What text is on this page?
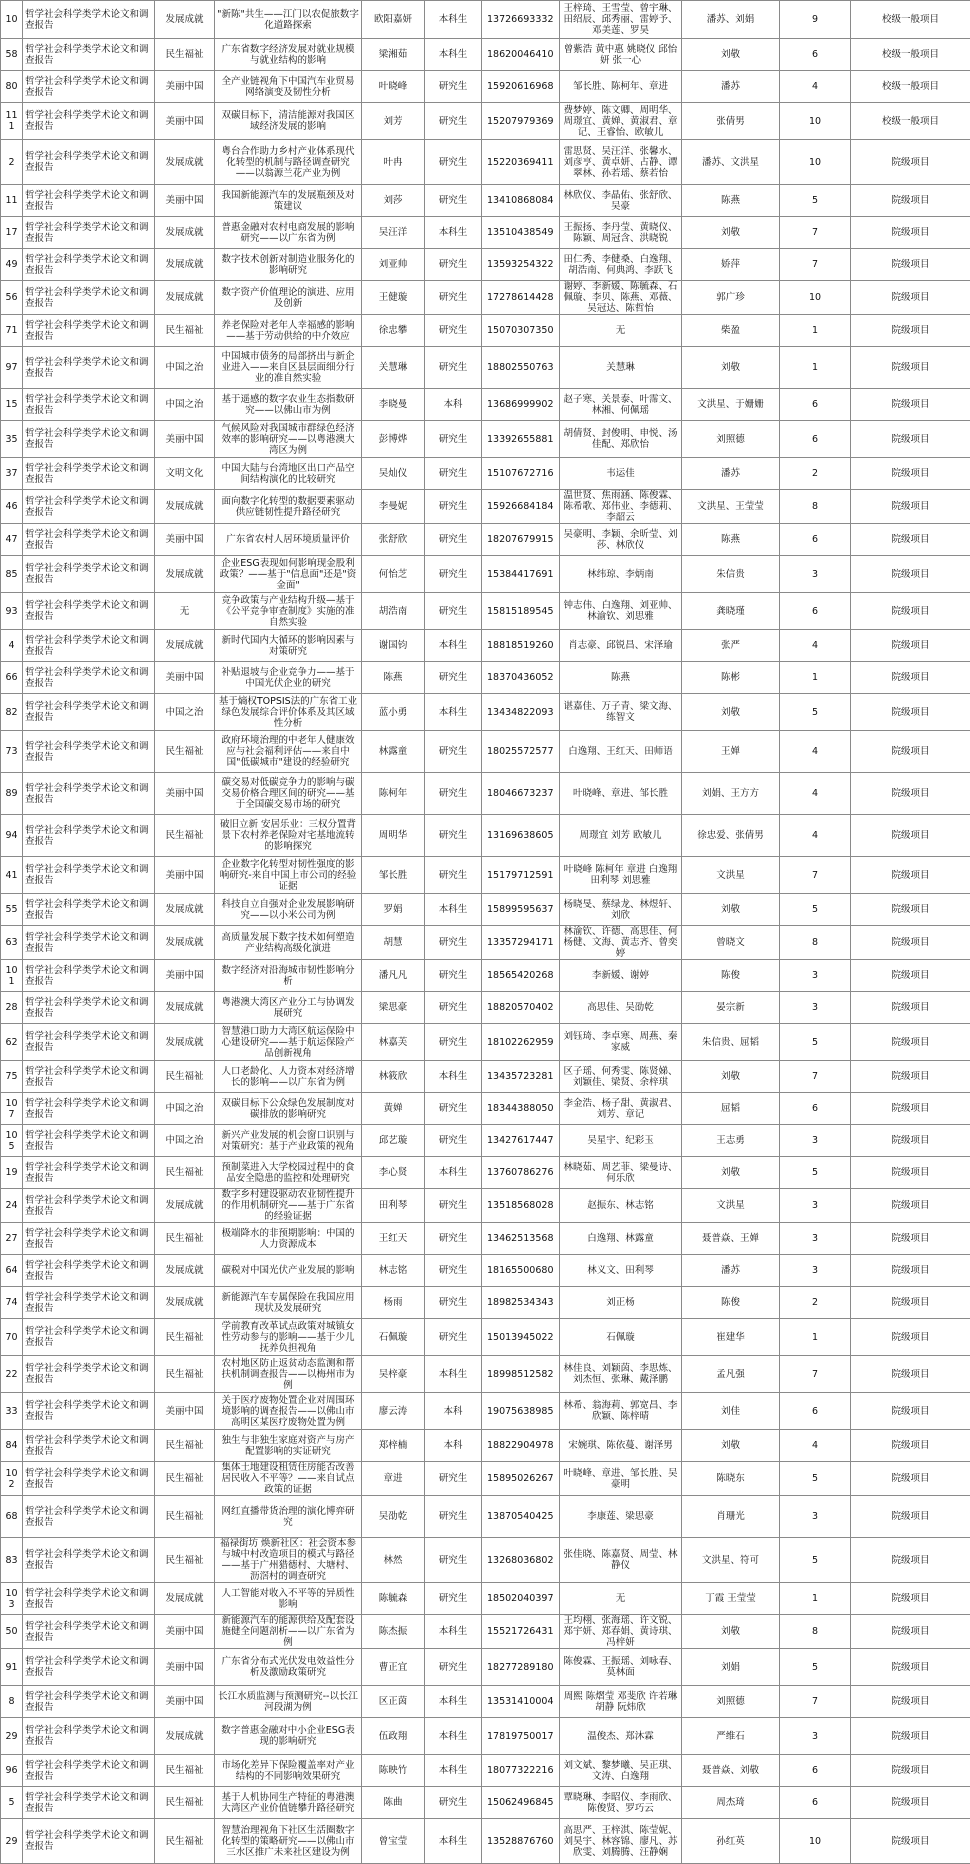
10	哲学社会科学类学术论文和调查报告	发展成就	"新陈"共生——江门以农促旅数字化道路探索	欧阳嘉妍	本科生	13726693332	王梓琦、王雪莹、曾宇琳、田绍辰、邱秀丽、雷婷予、邓美莲、罗昊	潘苏、刘娟	9	校级一般项目
58	哲学社会科学类学术论文和调查报告	民生福祉	广东省数字经济发展对就业规模与就业结构的影响	梁湘茹	本科生	18620046410	曾紫浩 黄中惠 姚晓仪 邱怡妍 张一心	刘敬	6	校级一般项目
80	哲学社会科学类学术论文和调查报告	美丽中国	全产业链视角下中国汽车业贸易网络演变及韧性分析	叶晓峰	研究生	15920616968	邹长胜、陈柯年、章进	潘苏	4	校级一般项目
111	哲学社会科学类学术论文和调查报告	美丽中国	双碳目标下，清洁能源对我国区域经济发展的影响	刘芳	研究生	15207979369	费梦婷、陈文卿、周明华、周璟宜、黄婵、黄淑君、章记、王睿怡、欧敏儿	张倩男	10	校级一般项目
2	哲学社会科学类学术论文和调查报告	发展成就	粤台合作助力乡村产业体系现代化转型的机制与路径调查研究——以翁源兰花产业为例	叶冉	研究生	15220369411	雷思贤、吴汪洋、张馨水、刘彦亨、黄卓妍、占静、谭翠林、孙若瑶、蔡若怡	潘苏、文洪星	10	院级项目
11	哲学社会科学类学术论文和调查报告	美丽中国	我国新能源汽车的发展瓶颈及对策建议	刘莎	研究生	13410868084	林欣仪、李晶佑、张舒欣、吴豪	陈燕	5	院级项目
17	哲学社会科学类学术论文和调查报告	发展成就	普惠金融对农村电商发展的影响研究——以广东省为例	吴汪洋	本科生	13510438549	王振扬、李丹莹、黄晓仪、陈颖、周冠含、洪晓锐	刘敬	7	院级项目
49	哲学社会科学类学术论文和调查报告	发展成就	数字技术创新对制造业服务化的影响研究	刘亚帅	研究生	13593254322	田仁秀、李健桑、白逸翔、胡浩南、何典鸿、李跃飞	娇萍	7	院级项目
56	哲学社会科学类学术论文和调查报告	发展成就	数字资产价值理论的演进、应用及创新	王健璇	研究生	17278614428	谢婷、李新媛、陈毓森、石佩璇、李贝、陈燕、邓薇、吴冠达、陈哲怡	郭广珍	10	院级项目
71	哲学社会科学类学术论文和调查报告	民生福祉	养老保险对老年人幸福感的影响——基于劳动供给的中介效应	徐忠攀	研究生	15070307350	无	柴盈	1	院级项目
97	哲学社会科学类学术论文和调查报告	中国之治	中国城市债务的局部挤出与新企业进入——来自区县层面细分行业的准自然实验	关慧琳	研究生	18802550763	关慧琳	刘敬	1	院级项目
15	哲学社会科学类学术论文和调查报告	中国之治	基于遥感的数字农业生态指数研究——以佛山市为例	李晓曼	本科	13686999902	赵子寒、关景泰、叶霈文、林湘、何佩瑶	文洪星、于姗姗	6	院级项目
35	哲学社会科学类学术论文和调查报告	美丽中国	气候风险对我国城市群绿色经济效率的影响研究——以粤港澳大湾区为例	彭博烨	研究生	13392655881	胡倩贤、封俊明、申悦、汤佳配、郑欣怡	刘照德	6	院级项目
37	哲学社会科学类学术论文和调查报告	文明文化	中国大陆与台湾地区出口产品空间结构演化的比较研究	吴灿仪	研究生	15107672716	韦运佳	潘苏	2	院级项目
46	哲学社会科学类学术论文和调查报告	发展成就	面向数字化转型的数据要素驱动供应链韧性提升路径研究	李曼妮	研究生	15926684184	温世贤、焦雨涵、陈俊霖、陈希歌、郑伟业、李德莉、李韶云	文洪星、王莹莹	8	院级项目
47	哲学社会科学类学术论文和调查报告	美丽中国	广东省农村人居环境质量评价	张舒欣	研究生	18207679915	吴豪明、李颖、余昕莹、刘莎、林欣仪	陈燕	6	院级项目
85	哲学社会科学类学术论文和调查报告	发展成就	企业ESG表现如何影响现金股利政策？——基于"信息面"还是"资金面"	何怡芝	研究生	15384417691	林纬琼、李炳南	朱信贵	3	院级项目
93	哲学社会科学类学术论文和调查报告	无	竞争政策与产业结构升级—基于《公平竞争审查制度》实施的准自然实验	胡浩南	研究生	15815189545	钟志伟、白逸翔、刘亚帅、林渝钦、刘思雅	龚晓瑾	6	院级项目
4	哲学社会科学类学术论文和调查报告	发展成就	新时代国内大循环的影响因素与对策研究	谢国钧	本科生	18818519260	肖志豪、邱锐昌、宋泽瑜	张严	4	院级项目
66	哲学社会科学类学术论文和调查报告	美丽中国	补贴退坡与企业竞争力——基于中国光伏企业的研究	陈燕	研究生	18370436052	陈燕	陈彬	1	院级项目
82	哲学社会科学类学术论文和调查报告	中国之治	基于熵权TOPSIS法的广东省工业绿色发展综合评价体系及其区域性分析	蓝小勇	本科生	13434822093	谌嘉佳、万子青、梁文海、练智文	刘敬	5	院级项目
73	哲学社会科学类学术论文和调查报告	民生福祉	政府环境治理的中老年人健康效应与社会福利评估——来自中国"低碳城市"建设的经验研究	林露童	研究生	18025572577	白逸翔、王红天、田师语	王婵	4	院级项目
89	哲学社会科学类学术论文和调查报告	美丽中国	碳交易对低碳竞争力的影响与碳交易价格合理区间的研究——基于全国碳交易市场的研究	陈柯年	研究生	18046673237	叶晓峰、章进、邹长胜	刘娟、王方方	4	院级项目
94	哲学社会科学类学术论文和调查报告	民生福祉	破旧立新 安居乐业：三权分置背景下农村养老保险对宅基地流转的影响探究	周明华	研究生	13169638605	周璟宜 刘芳 欧敏儿	徐忠爱、张倩男	4	院级项目
41	哲学社会科学类学术论文和调查报告	美丽中国	企业数字化转型对韧性强度的影响研究-来自中国上市公司的经验证据	邹长胜	研究生	15179712591	叶晓峰 陈柯年 章进 白逸翔 田利琴 刘思雅	文洪星	7	院级项目
55	哲学社会科学类学术论文和调查报告	发展成就	科技自立自强对企业发展影响研究——以小米公司为例	罗娟	本科生	15899595637	杨晓旻、蔡绿龙、林煜轩、刘欣	刘敬	5	院级项目
63	哲学社会科学类学术论文和调查报告	发展成就	高质量发展下数字技术如何塑造产业结构高级化演进	胡慧	研究生	13357294171	林渝钦、许德、高思佳、何杨健、文海、黄志齐、曾奕婷	曾晓文	8	院级项目
101	哲学社会科学类学术论文和调查报告	美丽中国	数字经济对沿海城市韧性影响分析	潘凡凡	研究生	18565420268	李新媛、谢婷	陈俊	3	院级项目
28	哲学社会科学类学术论文和调查报告	发展成就	粤港澳大湾区产业分工与协调发展研究	梁思豪	研究生	18820570402	高思佳、吴劭乾	晏宗新	3	院级项目
62	哲学社会科学类学术论文和调查报告	发展成就	智慧港口助力大湾区航运保险中心建设研究——基于航运保险产品创新视角	林嘉芙	研究生	18102262959	刘钰琦、李卓寒、周燕、秦家威	朱信贵、屈韬	5	院级项目
75	哲学社会科学类学术论文和调查报告	民生福祉	人口老龄化、人力资本对经济增长的影响——以广东省为例	林筱欣	本科生	13435723281	区子瑶、何秀雯、陈贤娣、刘颖佳、梁贤、余梓琪	刘敬	7	院级项目
107	哲学社会科学类学术论文和调查报告	中国之治	双碳目标下公众绿色发展制度对碳排放的影响研究	黄婵	研究生	18344388050	李金浩、杨子甜、黄淑君、刘芳、章记	屈韬	6	院级项目
105	哲学社会科学类学术论文和调查报告	中国之治	新兴产业发展的机会窗口识别与对策研究：基于产业政策的视角	邱艺璇	研究生	13427617447	吴星宇、纪彩玉	王志勇	3	院级项目
19	哲学社会科学类学术论文和调查报告	民生福祉	预制菜进入大学校园过程中的食品安全隐患的监控和处理研究	李心贤	本科生	13760786276	林晓茹、周艺菲、梁曼诗、何乐欣	刘敬	5	院级项目
24	哲学社会科学类学术论文和调查报告	发展成就	数字乡村建设驱动农业韧性提升的作用机制研究——基于广东省的经验证据	田利琴	研究生	13518568028	赵振东、林志铭	文洪星	3	院级项目
27	哲学社会科学类学术论文和调查报告	民生福祉	极端降水的非预期影响：中国的人力资源成本	王红天	研究生	13462513568	白逸翔、林露童	聂普焱、王婵	3	院级项目
64	哲学社会科学类学术论文和调查报告	发展成就	碳税对中国光伏产业发展的影响	林志铭	研究生	18165500680	林义文、田利琴	潘苏	3	院级项目
74	哲学社会科学类学术论文和调查报告	发展成就	新能源汽车专属保险在我国应用现状及发展研究	杨雨	研究生	18982534343	刘正杨	陈俊	2	院级项目
70	哲学社会科学类学术论文和调查报告	民生福祉	学前教育改革试点政策对城镇女性劳动参与的影响——基于少儿抚养负担视角	石佩璇	研究生	15013945022	石佩璇	崔建华	1	院级项目
22	哲学社会科学类学术论文和调查报告	民生福祉	农村地区防止返贫动态监测和帮扶机制调查报告——以梅州市为例	吴梓豪	本科生	18998512582	林佳良、刘颖茵、李思炼、刘杰恒、张琳、戴泽鹏	孟凡强	7	院级项目
33	哲学社会科学类学术论文和调查报告	美丽中国	关于医疗废物处置企业对周围环境影响的调查报告——以佛山市高明区某医疗废物处置为例	廖云涛	本科	19075638985	林希、翁海莉、郭宽昌、李欣颖、陈梓晴	刘佳	6	院级项目
84	哲学社会科学类学术论文和调查报告	民生福祉	独生与非独生家庭对资产与房产配置影响的实证研究	郑梓楠	本科	18822904978	宋婉琪、陈依蔓、谢泽男	刘敬	4	院级项目
102	哲学社会科学类学术论文和调查报告	民生福祉	集体土地建设租赁住房能否改善居民收入不平等？——来自试点政策的证据	章进	研究生	15895026267	叶晓峰、章进、邹长胜、吴豪明	陈晓东	5	院级项目
68	哲学社会科学类学术论文和调查报告	民生福祉	网红直播带货治理的演化博弈研究	吴劭乾	研究生	13870540425	李康莲、梁思豪	肖珊光	3	院级项目
83	哲学社会科学类学术论文和调查报告	民生福祉	福禄街坊 焕新社区：社会资本参与城中村改造项目的模式与路径——基于广州猎德村、大塘村、沥滘村的调查研究	林然	研究生	13268036802	张佳晓、陈嘉贤、周莹、林静仪	文洪星、符可	5	院级项目
103	哲学社会科学类学术论文和调查报告	发展成就	人工智能对收入不平等的异质性影响	陈毓森	研究生	18502040397	无	丁霞 王莹莹	1	院级项目
50	哲学社会科学类学术论文和调查报告	美丽中国	新能源汽车的能源供给及配套设施健全问题剖析——以广东省为例	陈杰振	本科生	15521726431	王均栩、张海瑶、许文锐、郑宇妍、郑春娟、黄诗琪、冯梓妍	刘敬	8	院级项目
91	哲学社会科学类学术论文和调查报告	美丽中国	广东省分布式光伏发电效益性分析及激励政策研究	曹正宜	研究生	18277289180	陈俊霖、王振瑶、刘咏春、莫林面	刘娟	5	院级项目
8	哲学社会科学类学术论文和调查报告	美丽中国	长江水质监测与预测研究--以长江河段湖为例	区正茵	本科生	13531410004	周熙 陈熠莹 邓斐欣 许若琳 胡静 阮炜欣	刘照德	7	院级项目
29	哲学社会科学类学术论文和调查报告	发展成就	数字普惠金融对中小企业ESG表现的影响研究	伍政翔	本科生	17819750017	温俊杰、郑沐霖	严维石	3	院级项目
96	哲学社会科学类学术论文和调查报告	民生福祉	市场化差异下保险覆盖率对产业结构的不同影响效果研究	陈映竹	本科生	18077322216	刘文斌、黎梦曦、吴正琪、文涛、白逸翔	聂普焱、刘敬	6	院级项目
5	哲学社会科学类学术论文和调查报告	民生福祉	基于人机协同生产特征的粤港澳大湾区产业价值链攀升路径研究	陈曲	研究生	15062496845	覃晓琳、李昭仪、李雨欣、陈俊贤、罗巧云	周杰琦	6	院级项目
29	哲学社会科学类学术论文和调查报告	民生福祉	智慧治理视角下社区生活圈数字化转型的策略研究——以佛山市三水区推广未来社区建设为例	曾宝莹	本科生	13528876760	高思严、王梓淇、陈莹妮、刘昊宇、林容锦、廖凡、苏欣雯、刘腾腾、汪静娴	孙红英	10	院级项目
